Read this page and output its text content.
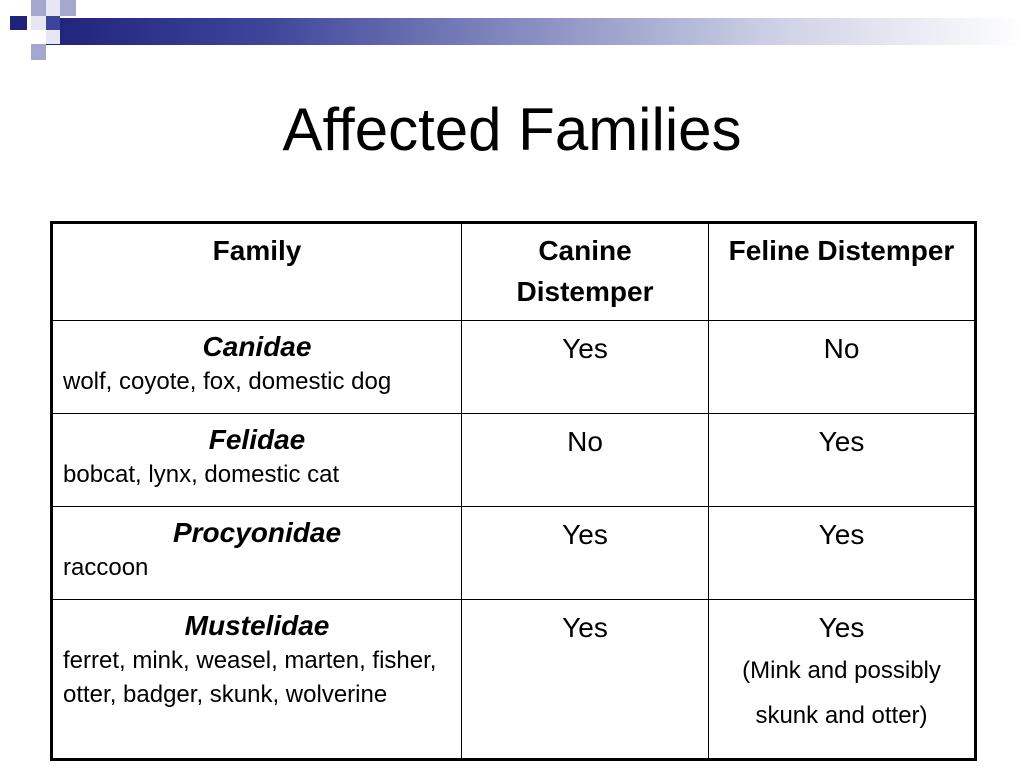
Affected Families
Family	Canine Distemper	Feline Distemper

Canidae
wolf, coyote, fox, domestic dog	Yes	No

Felidae
bobcat, lynx, domestic cat	No	Yes

Procyonidae
raccoon	Yes	Yes

Mustelidae
ferret, mink, weasel, marten, fisher, otter, badger, skunk, wolverine	Yes	Yes
(Mink and possibly skunk and otter)
